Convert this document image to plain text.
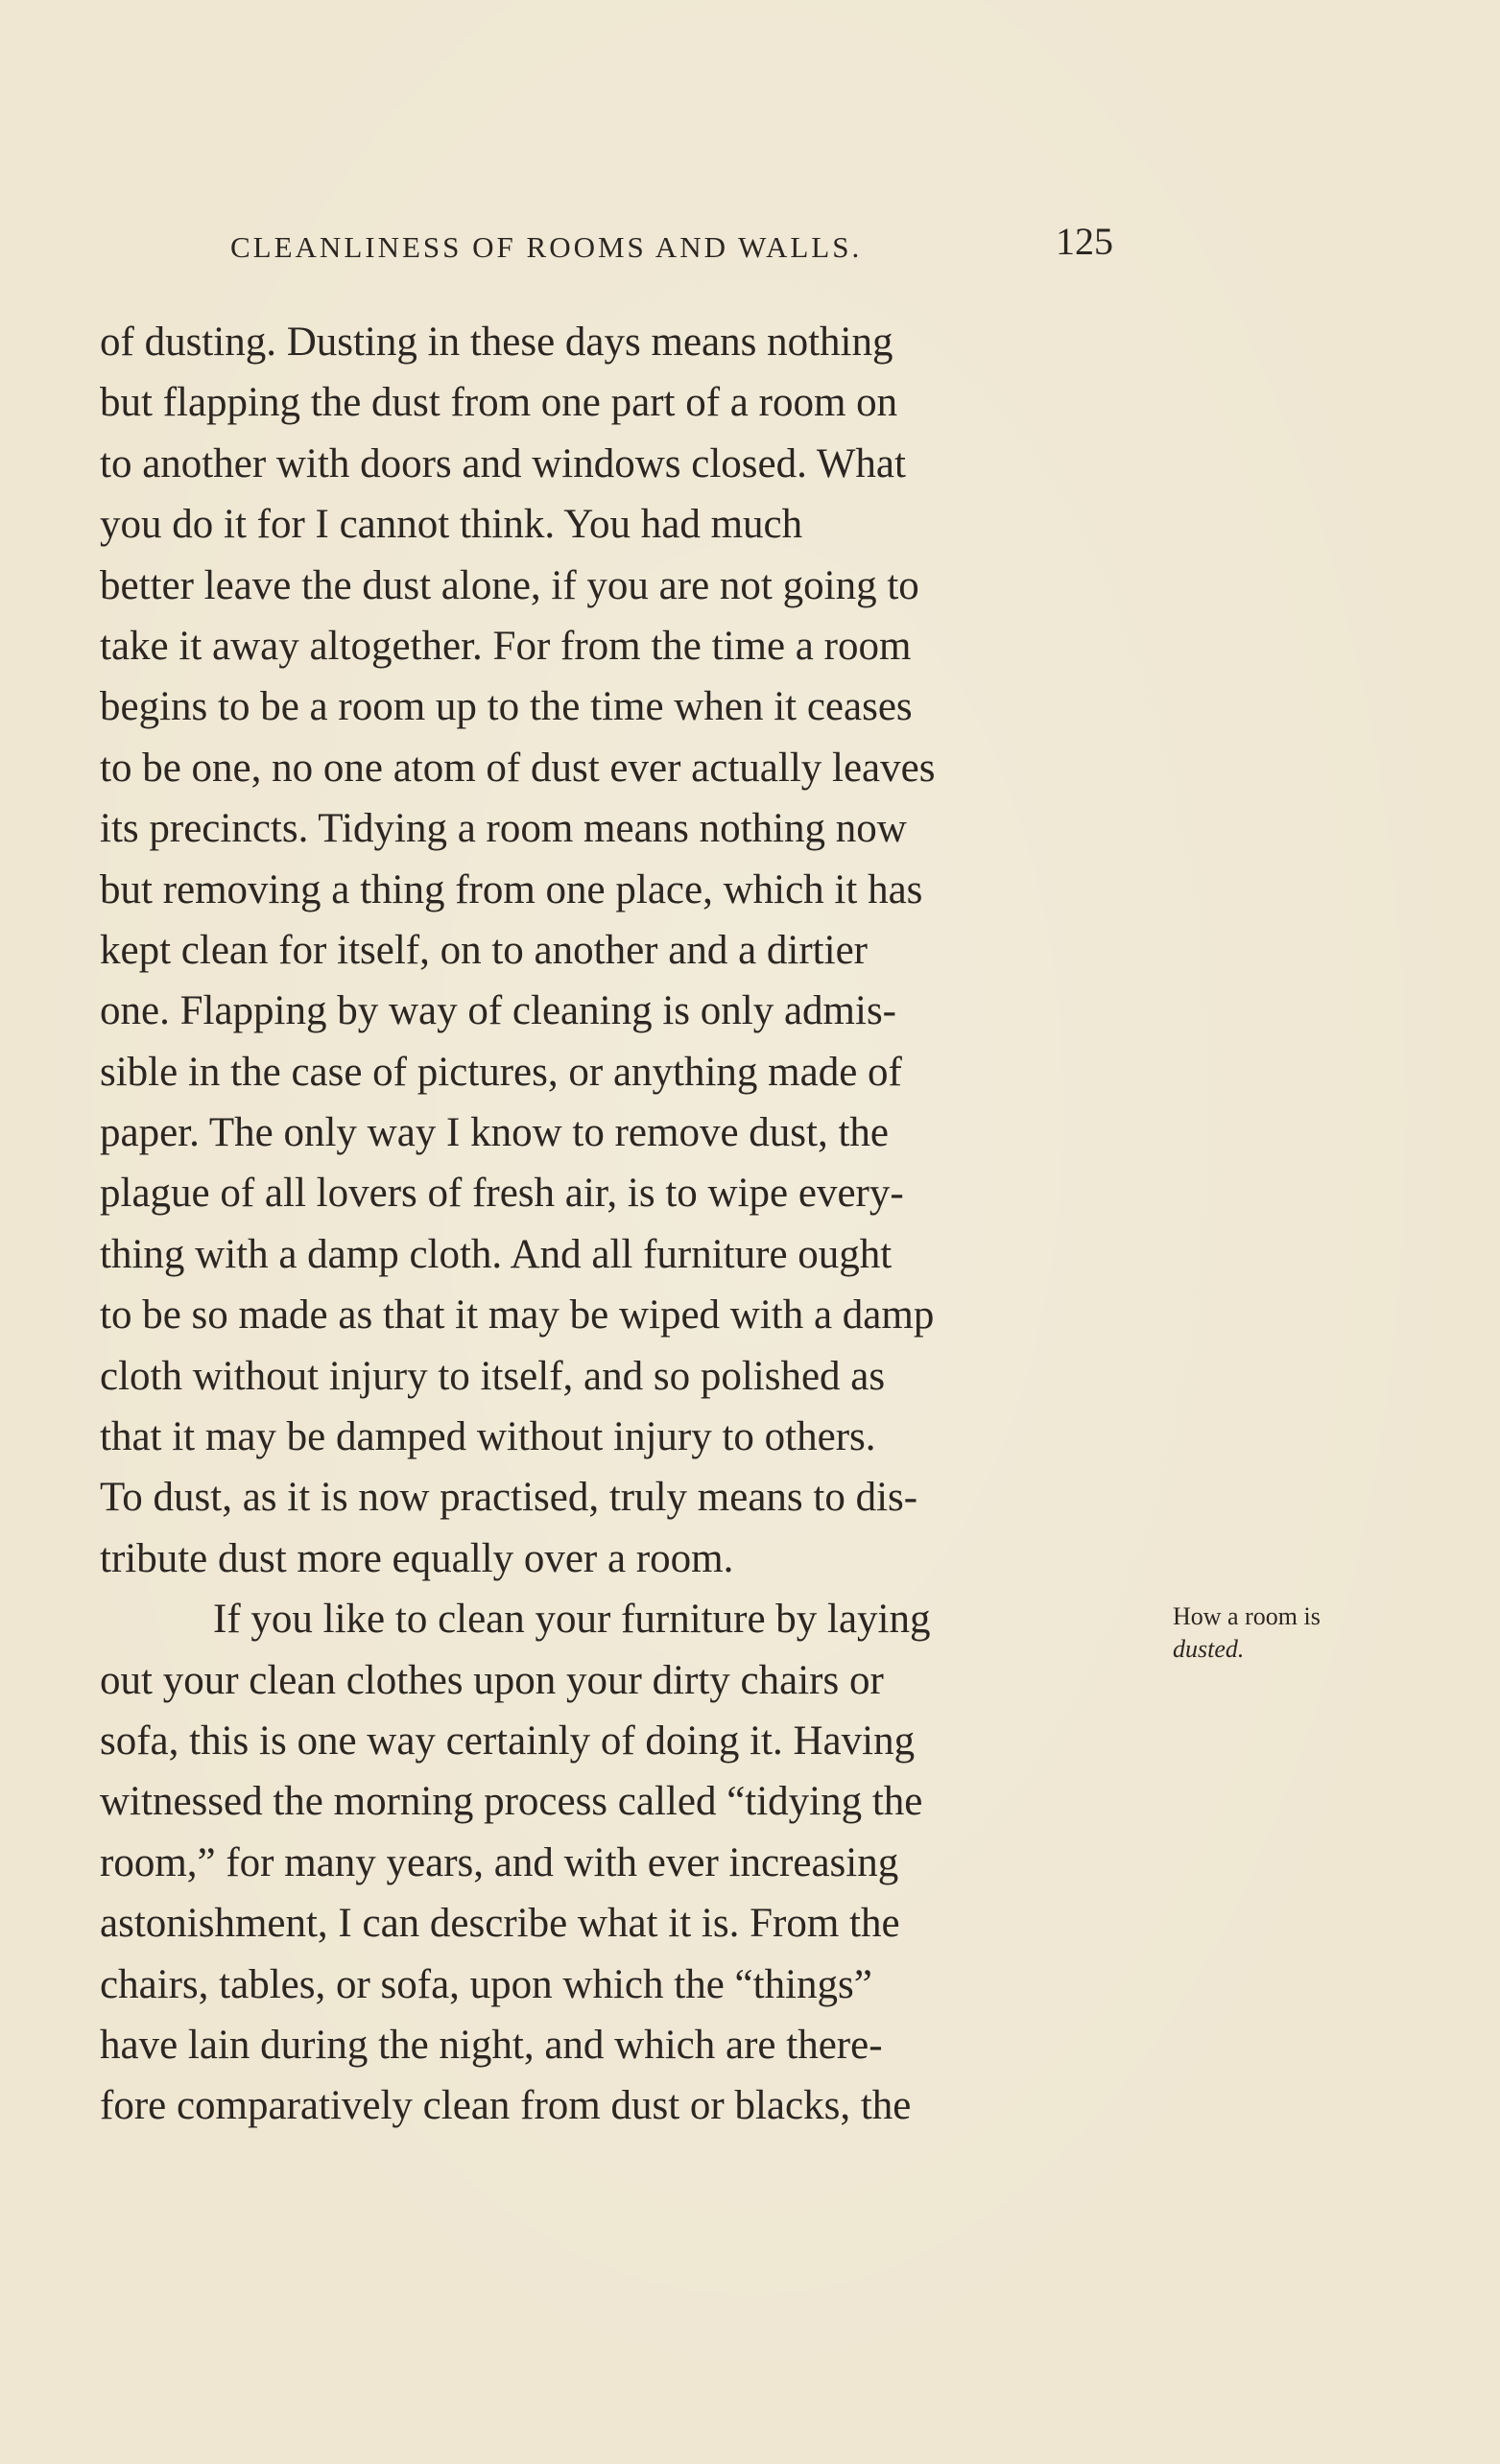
CLEANLINESS OF ROOMS AND WALLS.	125
of dusting. Dusting in these days means nothing
but flapping the dust from one part of a room on
to another with doors and windows closed. What
you do it for I cannot think. You had much
better leave the dust alone, if you are not going to
take it away altogether. For from the time a room
begins to be a room up to the time when it ceases
to be one, no one atom of dust ever actually leaves
its precincts. Tidying a room means nothing now
but removing a thing from one place, which it has
kept clean for itself, on to another and a dirtier
one. Flapping by way of cleaning is only admis-
sible in the case of pictures, or anything made of
paper. The only way I know to remove dust, the
plague of all lovers of fresh air, is to wipe every-
thing with a damp cloth. And all furniture ought
to be so made as that it may be wiped with a damp
cloth without injury to itself, and so polished as
that it may be damped without injury to others.
To dust, as it is now practised, truly means to dis-
tribute dust more equally over a room.
If you like to clean your furniture by laying
out your clean clothes upon your dirty chairs or
sofa, this is one way certainly of doing it. Having
witnessed the morning process called “tidying the
room,” for many years, and with ever increasing
astonishment, I can describe what it is. From the
chairs, tables, or sofa, upon which the “things”
have lain during the night, and which are there-
fore comparatively clean from dust or blacks, the
How a room is
dusted.
